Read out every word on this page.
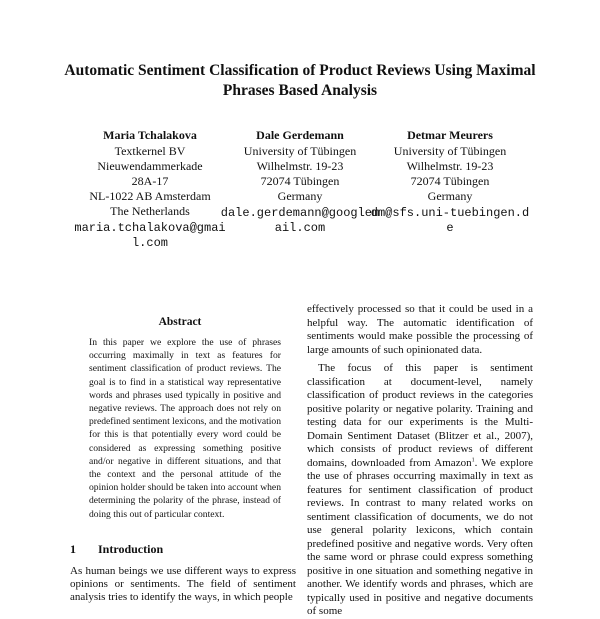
Automatic Sentiment Classification of Product Reviews Using Maximal
Phrases Based Analysis
Maria Tchalakova
Textkernel BV
Nieuwendammerkade
28A-17
NL-1022 AB Amsterdam
The Netherlands
maria.tchalakova@gmail.com
Dale Gerdemann
University of Tübingen
Wilhelmstr. 19-23
72074 Tübingen
Germany
dale.gerdemann@googlemail.com
Detmar Meurers
University of Tübingen
Wilhelmstr. 19-23
72074 Tübingen
Germany
dm@sfs.uni-tuebingen.de
Abstract
In this paper we explore the use of phrases occurring maximally in text as features for sentiment classification of product reviews. The goal is to find in a statistical way representative words and phrases used typically in positive and negative reviews. The approach does not rely on predefined sentiment lexicons, and the motivation for this is that potentially every word could be considered as expressing something positive and/or negative in different situations, and that the context and the personal attitude of the opinion holder should be taken into account when determining the polarity of the phrase, instead of doing this out of particular context.
1 Introduction
As human beings we use different ways to express opinions or sentiments. The field of sentiment analysis tries to identify the ways, in which people

effectively processed so that it could be used in a helpful way. The automatic identification of sentiments would make possible the processing of large amounts of such opinionated data.

The focus of this paper is sentiment classification at document-level, namely classification of product reviews in the categories positive polarity or negative polarity. Training and testing data for our experiments is the Multi-Domain Sentiment Dataset (Blitzer et al., 2007), which consists of product reviews of different domains, downloaded from Amazon$^1$. We explore the use of phrases occurring maximally in text as features for sentiment classification of product reviews. In contrast to many related works on sentiment classification of documents, we do not use general polarity lexicons, which contain predefined positive and negative words. Very often the same word or phrase could express something positive in one situation and something negative in another. We identify words and phrases, which are typically used in positive and negative documents of some
